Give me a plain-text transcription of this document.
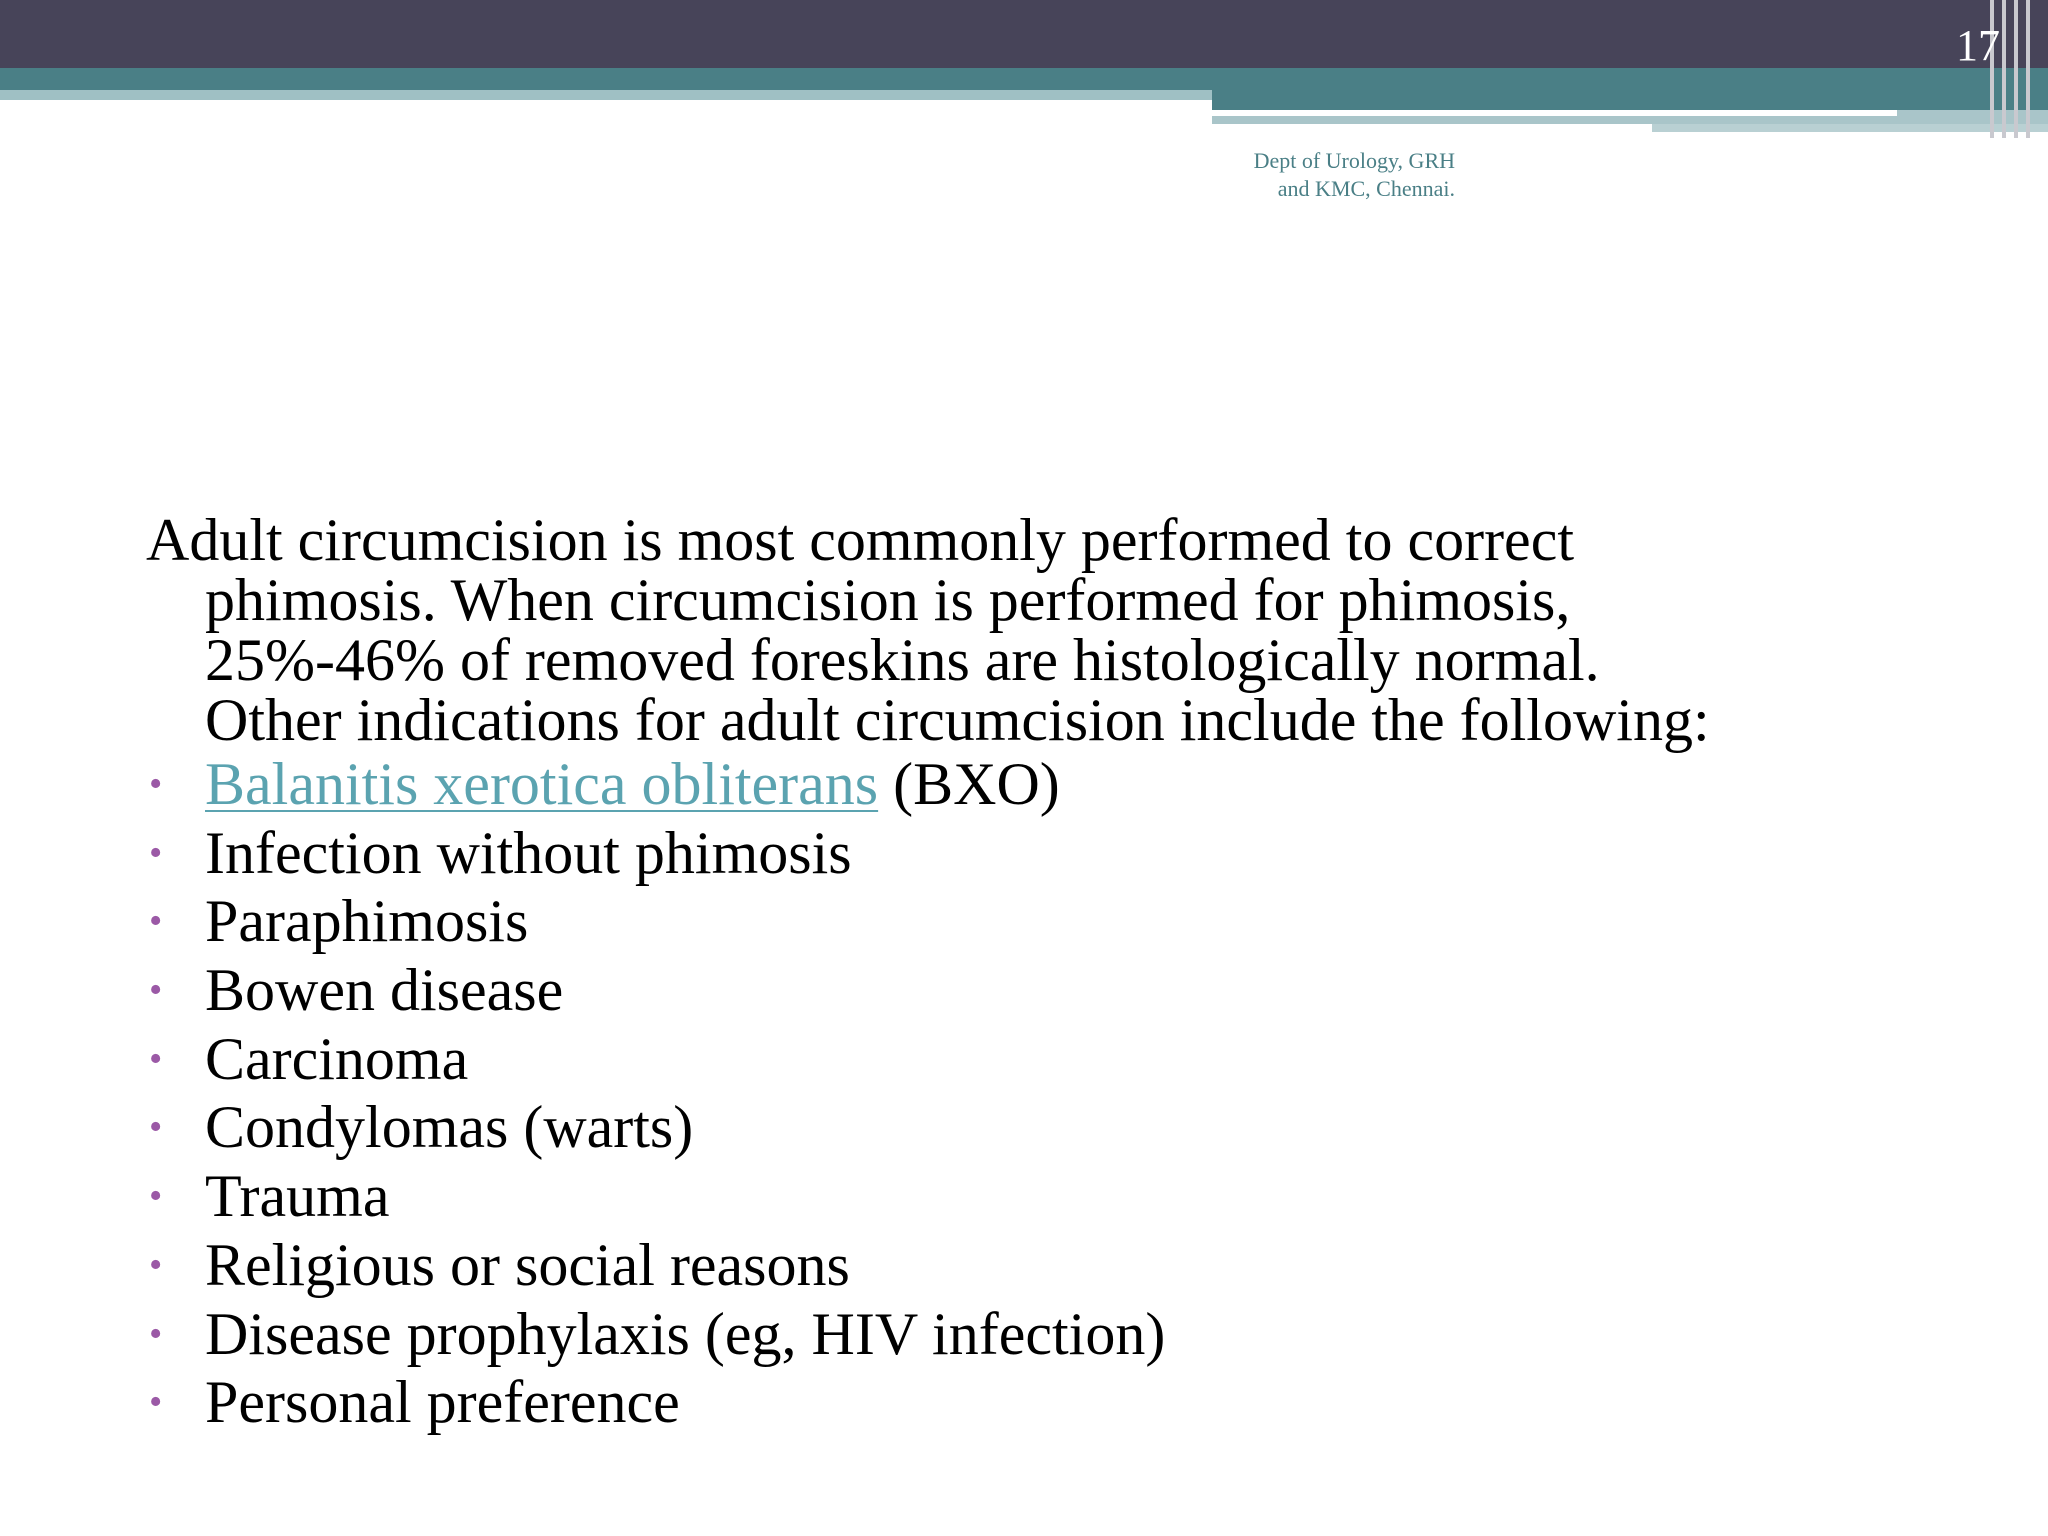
17
Dept of Urology, GRH
and KMC, Chennai.
Adult circumcision is most commonly performed to correct
phimosis. When circumcision is performed for phimosis,
25%-46% of removed foreskins are histologically normal.
Other indications for adult circumcision include the following:
• Balanitis xerotica obliterans (BXO)
• Infection without phimosis
• Paraphimosis
• Bowen disease
• Carcinoma
• Condylomas (warts)
• Trauma
• Religious or social reasons
• Disease prophylaxis (eg, HIV infection)
• Personal preference
